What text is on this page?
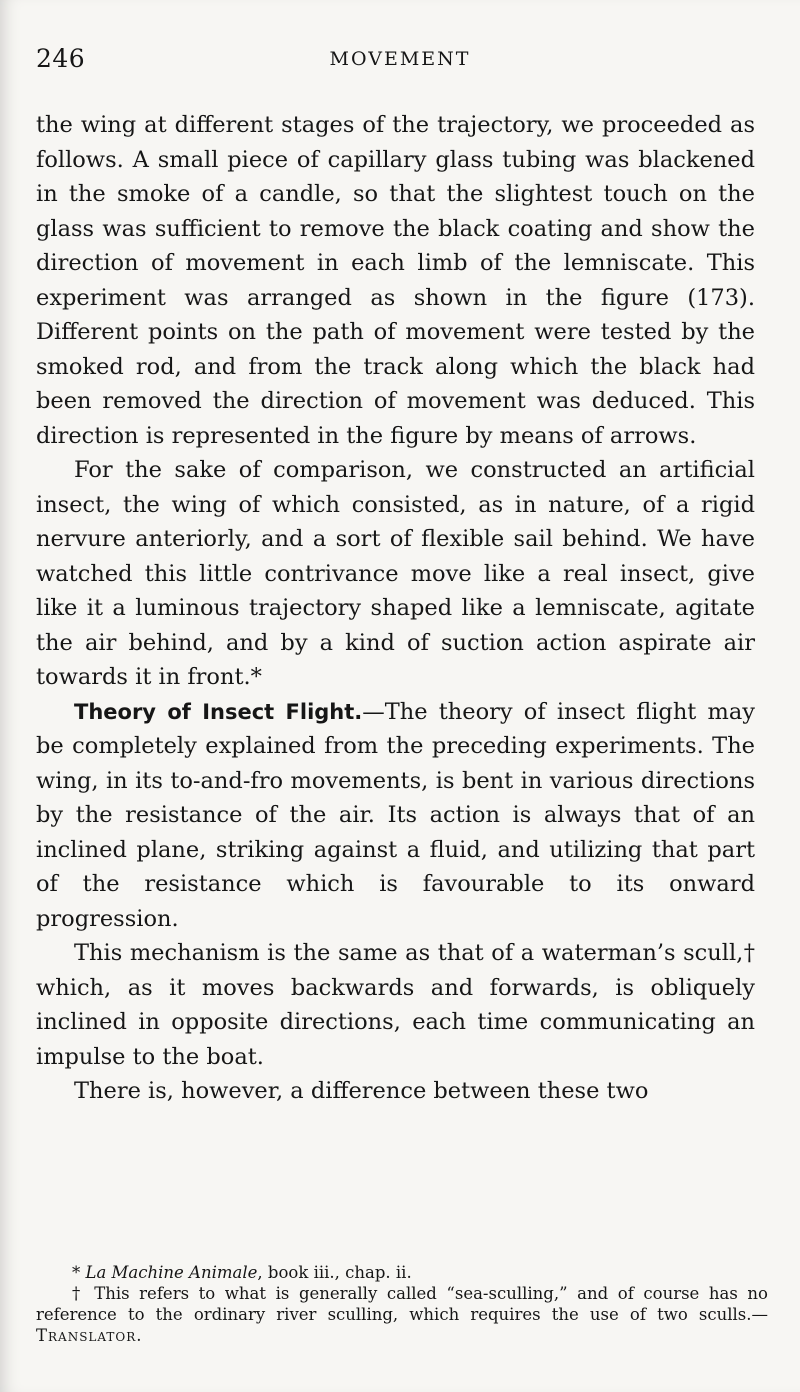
246	MOVEMENT

the wing at different stages of the trajectory, we proceeded as follows. A small piece of capillary glass tubing was blackened in the smoke of a candle, so that the slightest touch on the glass was sufficient to remove the black coating and show the direction of movement in each limb of the lemniscate. This experiment was arranged as shown in the figure (173). Different points on the path of movement were tested by the smoked rod, and from the track along which the black had been removed the direction of movement was deduced. This direction is represented in the figure by means of arrows.

For the sake of comparison, we constructed an artificial insect, the wing of which consisted, as in nature, of a rigid nervure anteriorly, and a sort of flexible sail behind. We have watched this little contrivance move like a real insect, give like it a luminous trajectory shaped like a lemniscate, agitate the air behind, and by a kind of suction action aspirate air towards it in front.*

Theory of Insect Flight.—The theory of insect flight may be completely explained from the preceding experiments. The wing, in its to-and-fro movements, is bent in various directions by the resistance of the air. Its action is always that of an inclined plane, striking against a fluid, and utilizing that part of the resistance which is favourable to its onward progression.

This mechanism is the same as that of a waterman’s scull,† which, as it moves backwards and forwards, is obliquely inclined in opposite directions, each time communicating an impulse to the boat.

There is, however, a difference between these two

* La Machine Animale, book iii., chap. ii.

† This refers to what is generally called “sea-sculling,” and of course has no reference to the ordinary river sculling, which requires the use of two sculls.—Translator.
